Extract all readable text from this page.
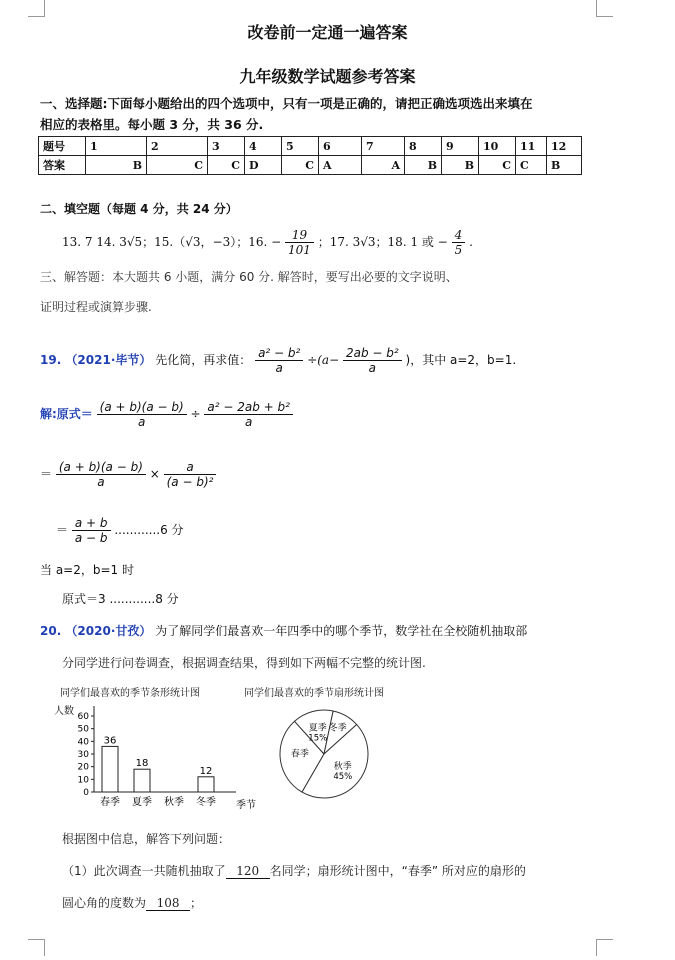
改卷前一定通一遍答案
九年级数学试题参考答案
一、选择题:下面每小题给出的四个选项中，只有一项是正确的，请把正确选项选出来填在
相应的表格里。每小题 3 分，共 36 分.
题号	1	2	3	4	5	6	7	8	9	10	11	12
答案	B	C	C	D	C	A	A	B	B	C	C	B
二、填空题（每题 4 分，共 24 分）
13. 7 14. 3√5；15.（√3，−3）；16. − $\frac{19}{101}$ ；17. 3√3；18. 1 或 − $\frac{4}{5}$ .
三、解答题：本大题共 6 小题，满分 60 分. 解答时，要写出必要的文字说明、
证明过程或演算步骤.
19. （2021·毕节） 先化简，再求值： $\frac{\text{a² − b²}}{a} \div(a- \frac{\text{2ab − b²}}{a}$ )，其中 a=2，b=1.
解:原式＝ $\frac{(a + b)(a - b)}{a} \div \frac{\text{a² − 2ab + b²}}{a}$
＝ $\frac{(a + b)(a - b)}{a} \times \frac{a}{\text{(a − b)²}}$
＝ $\frac{a + b}{a - b} ............6$ 分
当 a=2，b=1 时
原式＝3 ............8 分
20. （2020·甘孜） 为了解同学们最喜欢一年四季中的哪个季节，数学社在全校随机抽取部
分同学进行问卷调查，根据调查结果，得到如下两幅不完整的统计图.
同学们最喜欢的季节条形统计图	同学们最喜欢的季节扇形统计图
人数
季节
0
10
20
30
40
50
60
36
春季
18
夏季 秋季
12
冬季
春季
夏季
15%
冬季
秋季
45%
根据图中信息，解答下列问题：
（1）此次调查一共随机抽取了 120 名同学；扇形统计图中，“春季” 所对应的扇形的
圆心角的度数为 108 ；
